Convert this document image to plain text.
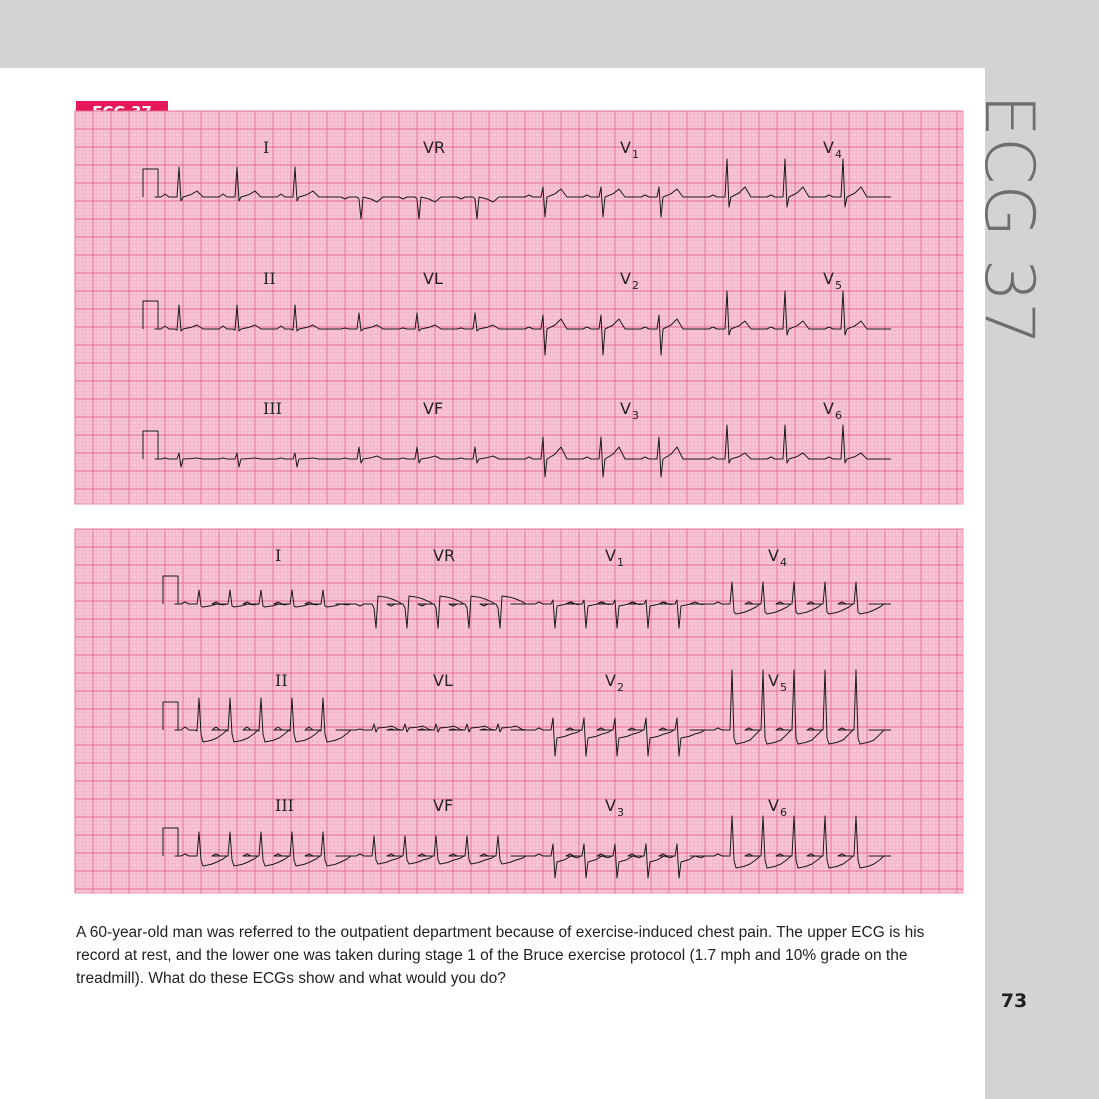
ECG 37
I	VR	$V_1$	$V_4$
II	VL	$V_2$	$V_5$
III	VF	$V_3$	$V_6$
I	VR	$V_1$	$V_4$
II	VL	$V_2$	$V_5$
III	VF	$V_3$	$V_6$

A 60-year-old man was referred to the outpatient department because of exercise-induced chest pain. The upper ECG is his record at rest, and the lower one was taken during stage 1 of the Bruce exercise protocol (1.7 mph and 10% grade on the treadmill). What do these ECGs show and what would you do?

73
